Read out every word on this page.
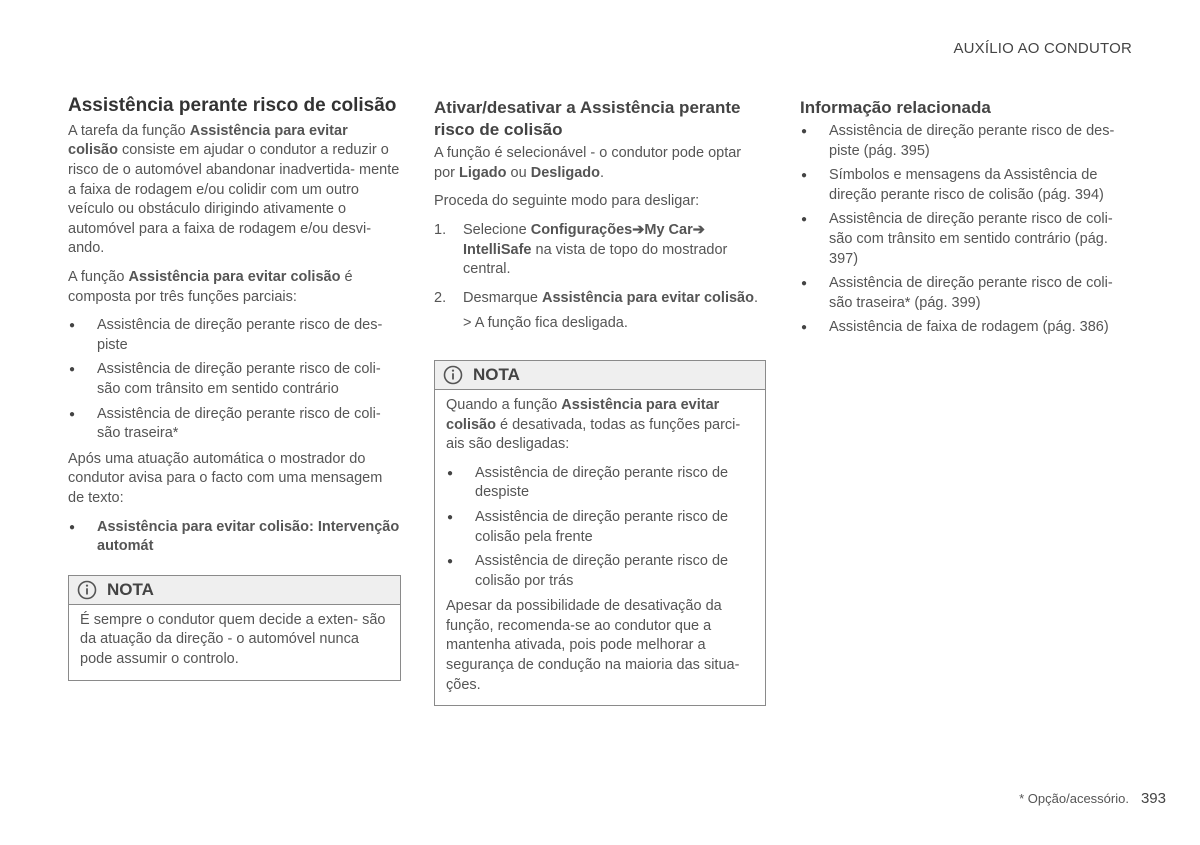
AUXÍLIO AO CONDUTOR
Assistência perante risco de colisão

A tarefa da função Assistência para evitar colisão consiste em ajudar o condutor a reduzir o risco de o automóvel abandonar inadvertida- mente a faixa de rodagem e/ou colidir com um outro veículo ou obstáculo dirigindo ativamente o automóvel para a faixa de rodagem e/ou desvi- ando.

A função Assistência para evitar colisão é composta por três funções parciais:

● Assistência de direção perante risco de des- piste
● Assistência de direção perante risco de coli- são com trânsito em sentido contrário
● Assistência de direção perante risco de coli- são traseira*

Após uma atuação automática o mostrador do condutor avisa para o facto com uma mensagem de texto:

● Assistência para evitar colisão: Intervenção automát
NOTA

É sempre o condutor quem decide a exten- são da atuação da direção - o automóvel nunca pode assumir o controlo.

Ativar/desativar a Assistência perante risco de colisão

A função é selecionável - o condutor pode optar por Ligado ou Desligado.

Proceda do seguinte modo para desligar:

1. Selecione Configurações➔My Car➔
IntelliSafe na vista de topo do mostrador central.
2. Desmarque Assistência para evitar colisão.
> A função fica desligada.
NOTA

Quando a função Assistência para evitar colisão é desativada, todas as funções parci- ais são desligadas:

● Assistência de direção perante risco de despiste
● Assistência de direção perante risco de colisão pela frente
● Assistência de direção perante risco de colisão por trás

Apesar da possibilidade de desativação da função, recomenda-se ao condutor que a mantenha ativada, pois pode melhorar a segurança de condução na maioria das situa- ções.

Informação relacionada
● Assistência de direção perante risco de des- piste (pág. 395)
● Símbolos e mensagens da Assistência de direção perante risco de colisão (pág. 394)
● Assistência de direção perante risco de coli- são com trânsito em sentido contrário (pág. 397)
● Assistência de direção perante risco de coli- são traseira* (pág. 399)
● Assistência de faixa de rodagem (pág. 386)
* Opção/acessório. 393
